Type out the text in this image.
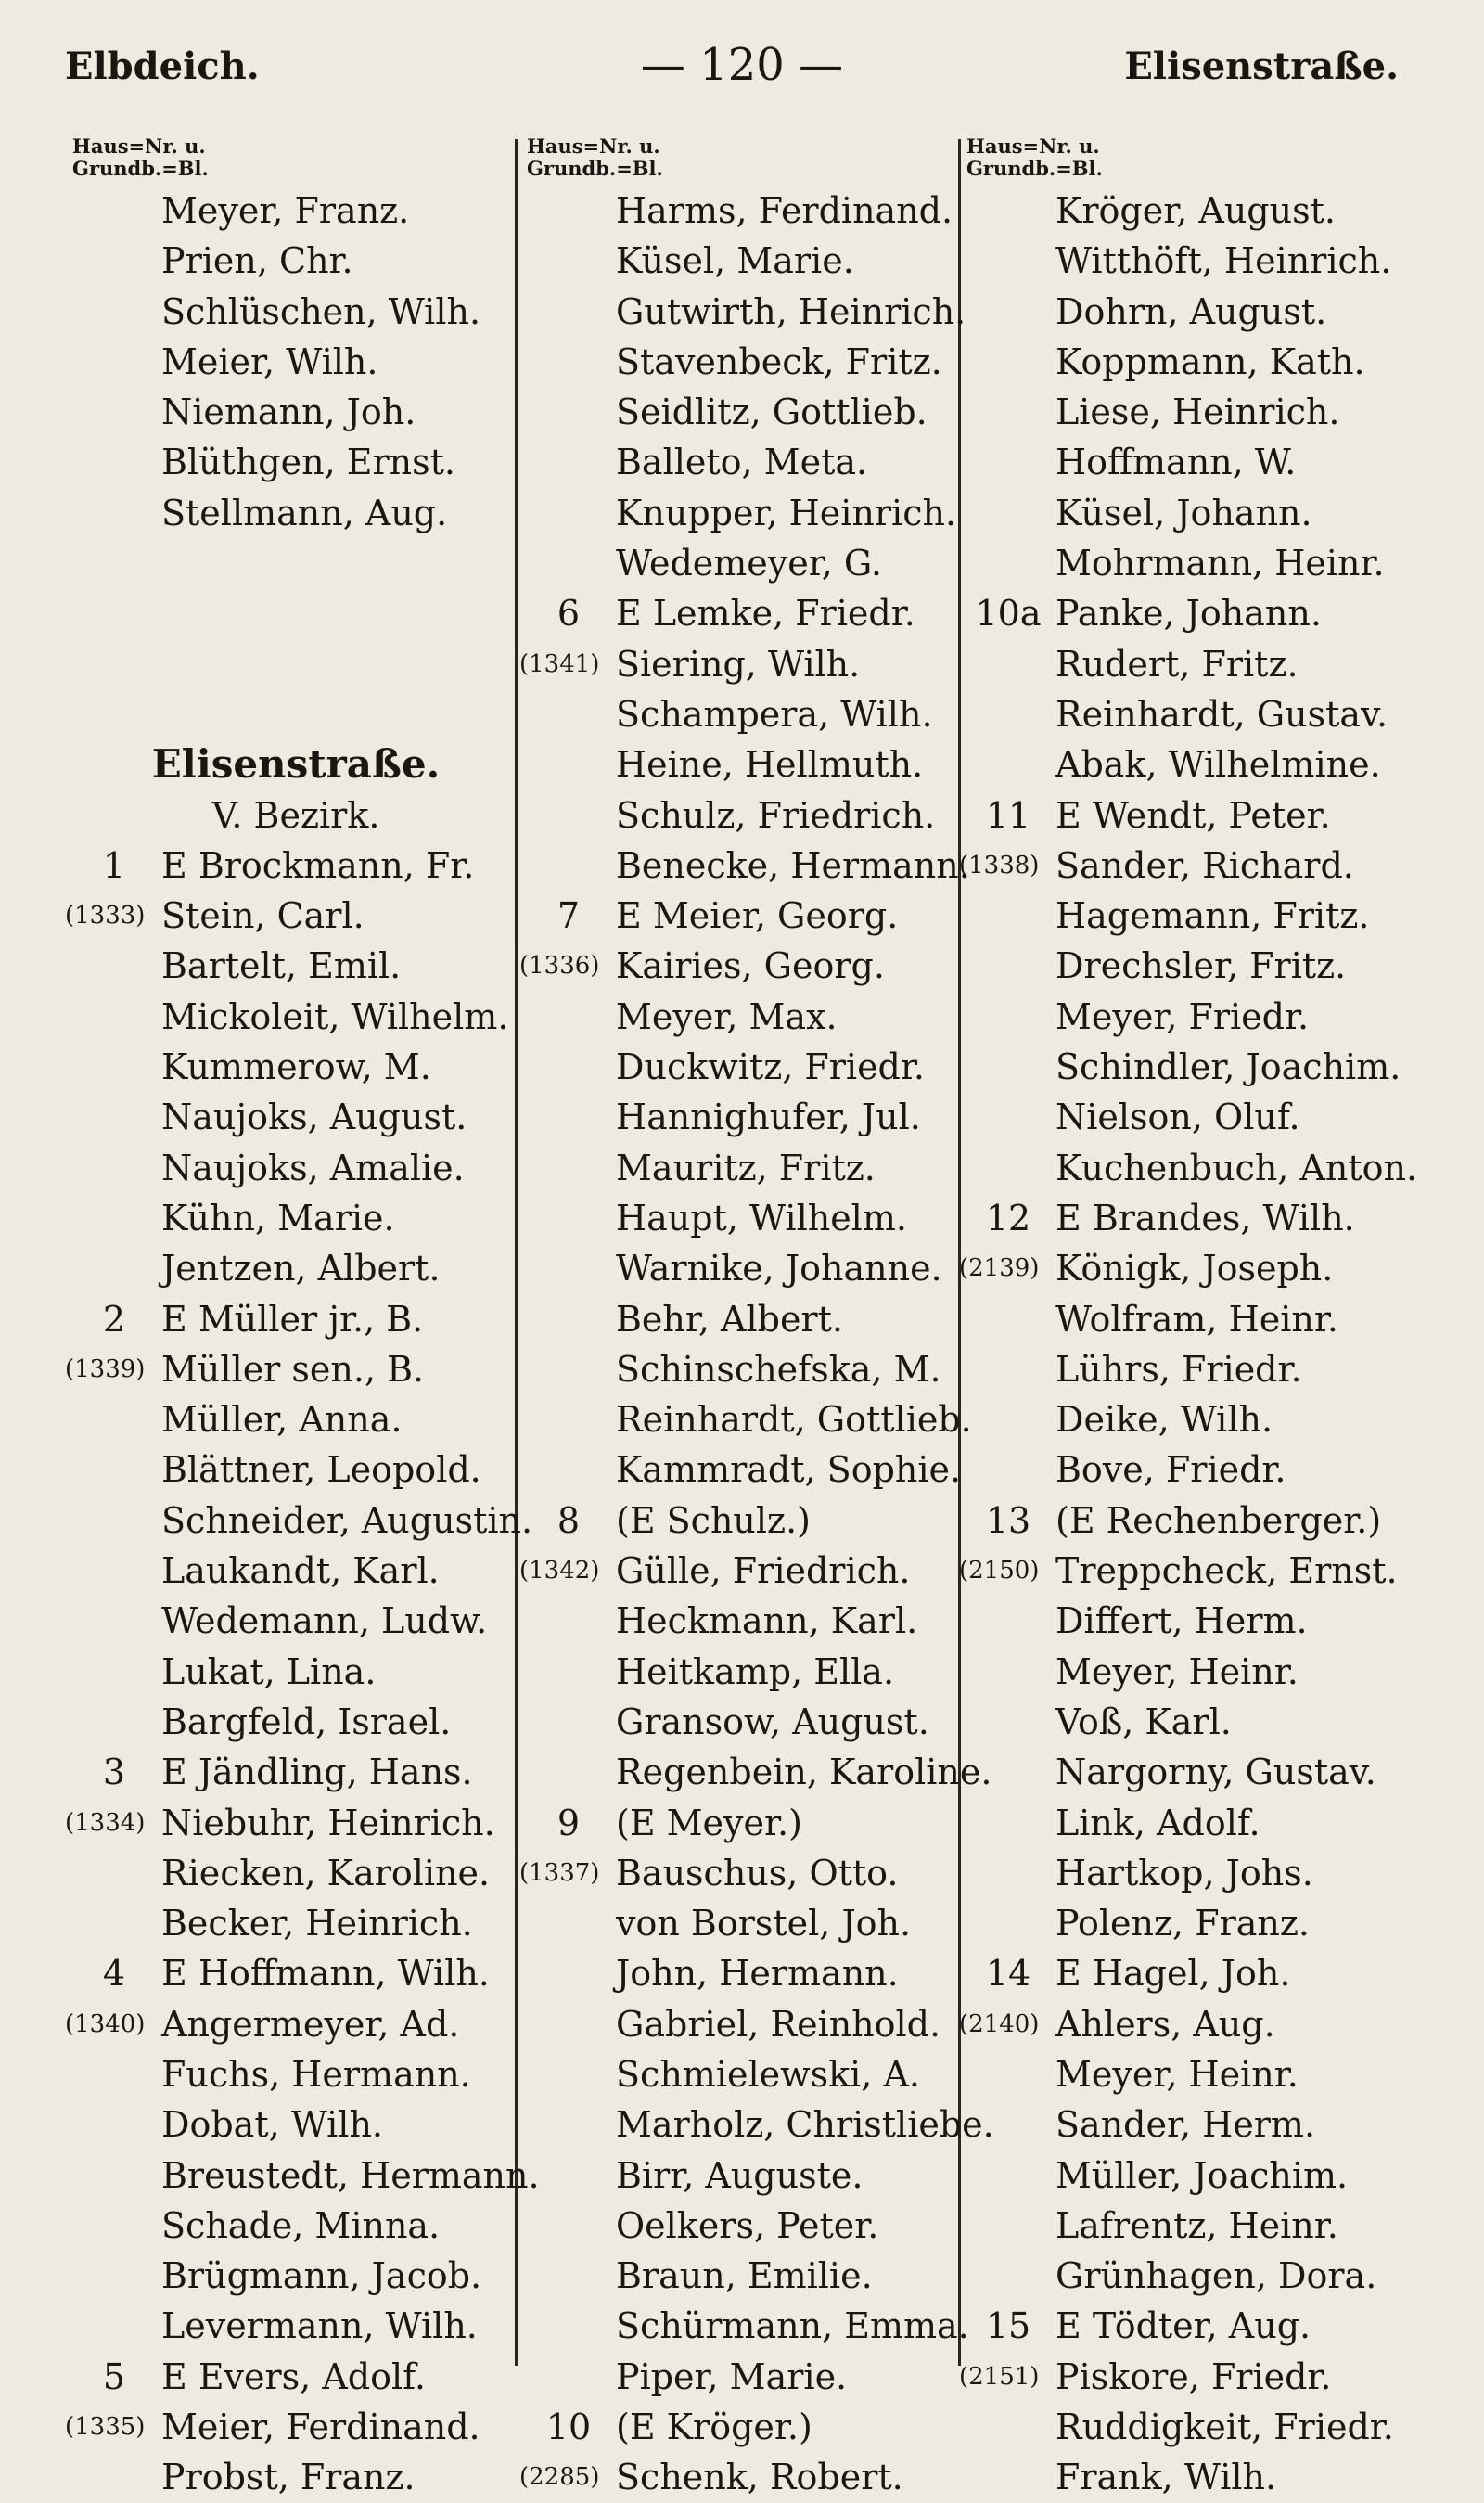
Elbdeich.	— 120 —	Elisenstraße.
Haus=Nr. u.
Grundb.=Bl.
Meyer, Franz.
Prien, Chr.
Schlüschen, Wilh.
Meier, Wilh.
Niemann, Joh.
Blüthgen, Ernst.
Stellmann, Aug.
Elisenstraße.
V. Bezirk.
1	E Brockmann, Fr.
(1333) Stein, Carl.
Bartelt, Emil.
Mickoleit, Wilhelm.
Kummerow, M.
Naujoks, August.
Naujoks, Amalie.
Kühn, Marie.
Jentzen, Albert.
2	E Müller jr., B.
(1339) Müller sen., B.
Müller, Anna.
Blättner, Leopold.
Schneider, Augustin.
Laukandt, Karl.
Wedemann, Ludw.
Lukat, Lina.
Bargfeld, Israel.
3	E Jändling, Hans.
(1334) Niebuhr, Heinrich.
Riecken, Karoline.
Becker, Heinrich.
4	E Hoffmann, Wilh.
(1340) Angermeyer, Ad.
Fuchs, Hermann.
Dobat, Wilh.
Breustedt, Hermann.
Schade, Minna.
Brügmann, Jacob.
Levermann, Wilh.
5	E Evers, Adolf.
(1335) Meier, Ferdinand.
Probst, Franz.
Haus=Nr. u.
Grundb.=Bl.
Harms, Ferdinand.
Küsel, Marie.
Gutwirth, Heinrich.
Stavenbeck, Fritz.
Seidlitz, Gottlieb.
Balleto, Meta.
Knupper, Heinrich.
Wedemeyer, G.
6	E Lemke, Friedr.
(1341) Siering, Wilh.
Schampera, Wilh.
Heine, Hellmuth.
Schulz, Friedrich.
Benecke, Hermann.
7	E Meier, Georg.
(1336) Kairies, Georg.
Meyer, Max.
Duckwitz, Friedr.
Hannighufer, Jul.
Mauritz, Fritz.
Haupt, Wilhelm.
Warnike, Johanne.
Behr, Albert.
Schinschefska, M.
Reinhardt, Gottlieb.
Kammradt, Sophie.
8	(E Schulz.)
(1342) Gülle, Friedrich.
Heckmann, Karl.
Heitkamp, Ella.
Gransow, August.
Regenbein, Karoline.
9	(E Meyer.)
(1337) Bauschus, Otto.
von Borstel, Joh.
John, Hermann.
Gabriel, Reinhold.
Schmielewski, A.
Marholz, Christliebe.
Birr, Auguste.
Oelkers, Peter.
Braun, Emilie.
Schürmann, Emma.
Piper, Marie.
10 (E Kröger.)
(2285) Schenk, Robert.
Haus=Nr. u.
Grundb.=Bl.
Kröger, August.
Witthöft, Heinrich.
Dohrn, August.
Koppmann, Kath.
Liese, Heinrich.
Hoffmann, W.
Küsel, Johann.
Mohrmann, Heinr.
10a Panke, Johann.
Rudert, Fritz.
Reinhardt, Gustav.
Abak, Wilhelmine.
11 E Wendt, Peter.
(1338) Sander, Richard.
Hagemann, Fritz.
Drechsler, Fritz.
Meyer, Friedr.
Schindler, Joachim.
Nielson, Oluf.
Kuchenbuch, Anton.
12 E Brandes, Wilh.
(2139) Königk, Joseph.
Wolfram, Heinr.
Lührs, Friedr.
Deike, Wilh.
Bove, Friedr.
13 (E Rechenberger.)
(2150) Treppcheck, Ernst.
Differt, Herm.
Meyer, Heinr.
Voß, Karl.
Nargorny, Gustav.
Link, Adolf.
Hartkop, Johs.
Polenz, Franz.
14 E Hagel, Joh.
(2140) Ahlers, Aug.
Meyer, Heinr.
Sander, Herm.
Müller, Joachim.
Lafrentz, Heinr.
Grünhagen, Dora.
15 E Tödter, Aug.
(2151) Piskore, Friedr.
Ruddigkeit, Friedr.
Frank, Wilh.
